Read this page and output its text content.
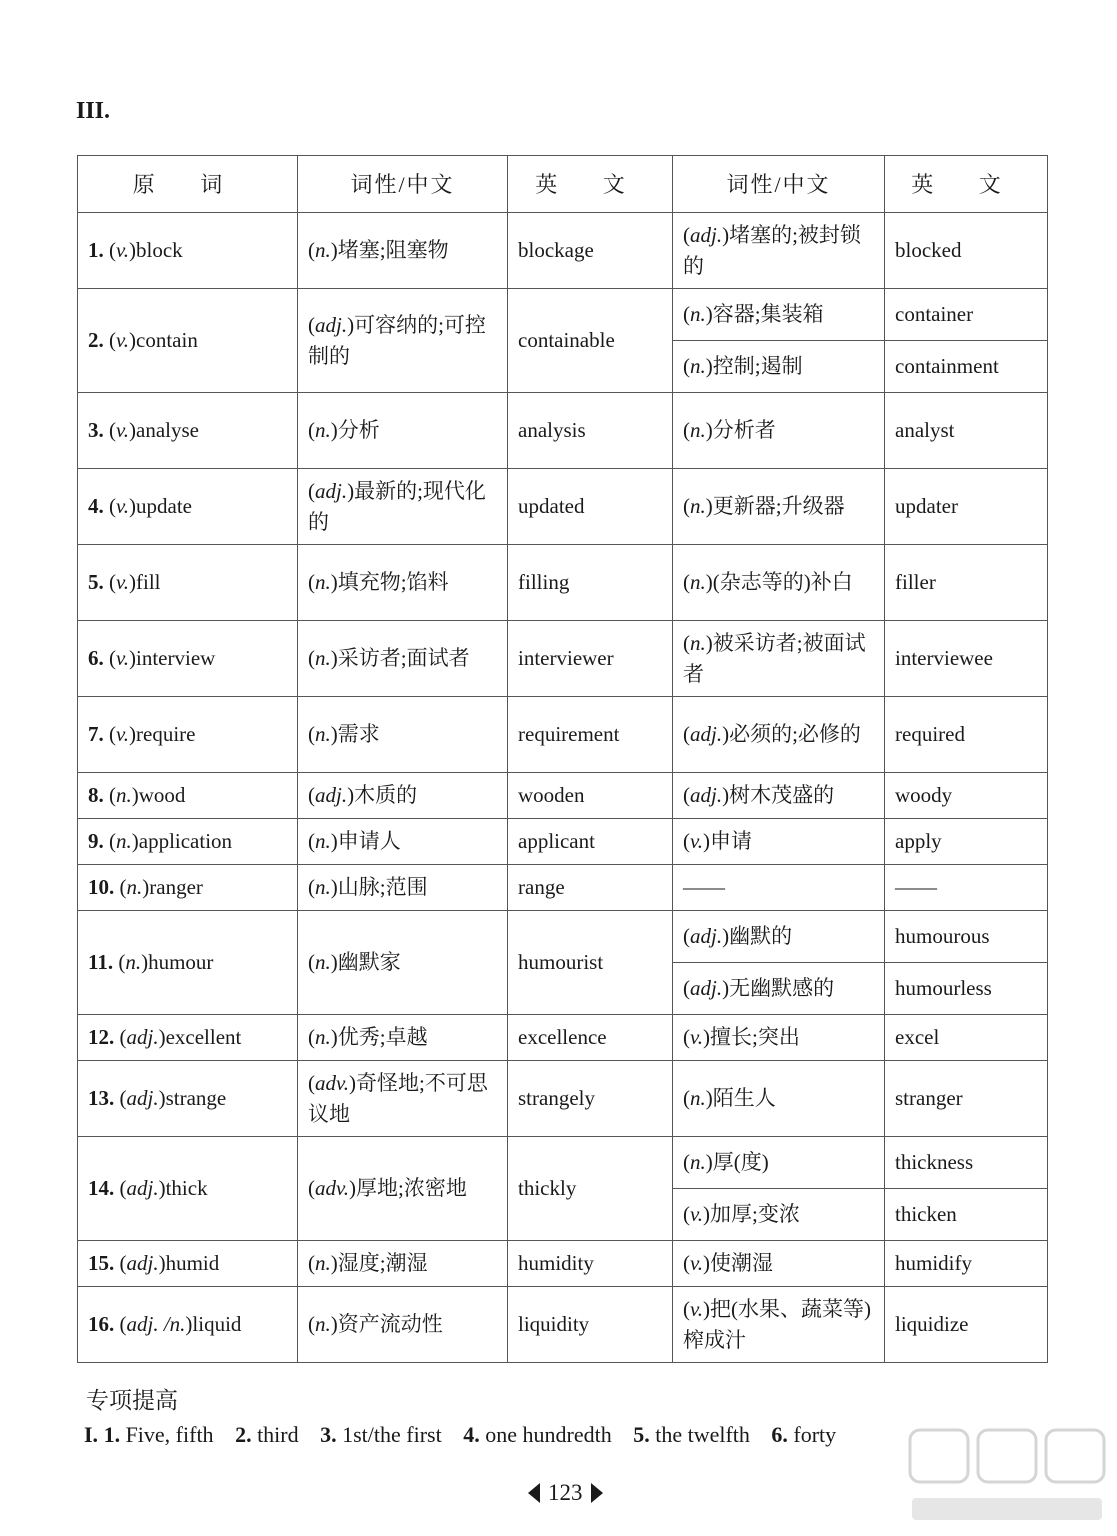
III.
原 词	词性/中文	英 文	词性/中文	英 文
1. (v.)block	(n.)堵塞;阻塞物	blockage	(adj.)堵塞的;被封锁的	blocked
2. (v.)contain	(adj.)可容纳的;可控制的	containable	(n.)容器;集装箱	container
			(n.)控制;遏制	containment
3. (v.)analyse	(n.)分析	analysis	(n.)分析者	analyst
4. (v.)update	(adj.)最新的;现代化的	updated	(n.)更新器;升级器	updater
5. (v.)fill	(n.)填充物;馅料	filling	(n.)(杂志等的)补白	filler
6. (v.)interview	(n.)采访者;面试者	interviewer	(n.)被采访者;被面试者	interviewee
7. (v.)require	(n.)需求	requirement	(adj.)必须的;必修的	required
8. (n.)wood	(adj.)木质的	wooden	(adj.)树木茂盛的	woody
9. (n.)application	(n.)申请人	applicant	(v.)申请	apply
10. (n.)ranger	(n.)山脉;范围	range	——	——
11. (n.)humour	(n.)幽默家	humourist	(adj.)幽默的	humourous
			(adj.)无幽默感的	humourless
12. (adj.)excellent	(n.)优秀;卓越	excellence	(v.)擅长;突出	excel
13. (adj.)strange	(adv.)奇怪地;不可思议地	strangely	(n.)陌生人	stranger
14. (adj.)thick	(adv.)厚地;浓密地	thickly	(n.)厚(度)	thickness
			(v.)加厚;变浓	thicken
15. (adj.)humid	(n.)湿度;潮湿	humidity	(v.)使潮湿	humidify
16. (adj. /n.)liquid	(n.)资产流动性	liquidity	(v.)把(水果、蔬菜等)榨成汁	liquidize
专项提高
I. 1. Five, fifth 2. third 3. 1st/the first 4. one hundredth 5. the twelfth 6. forty
123
